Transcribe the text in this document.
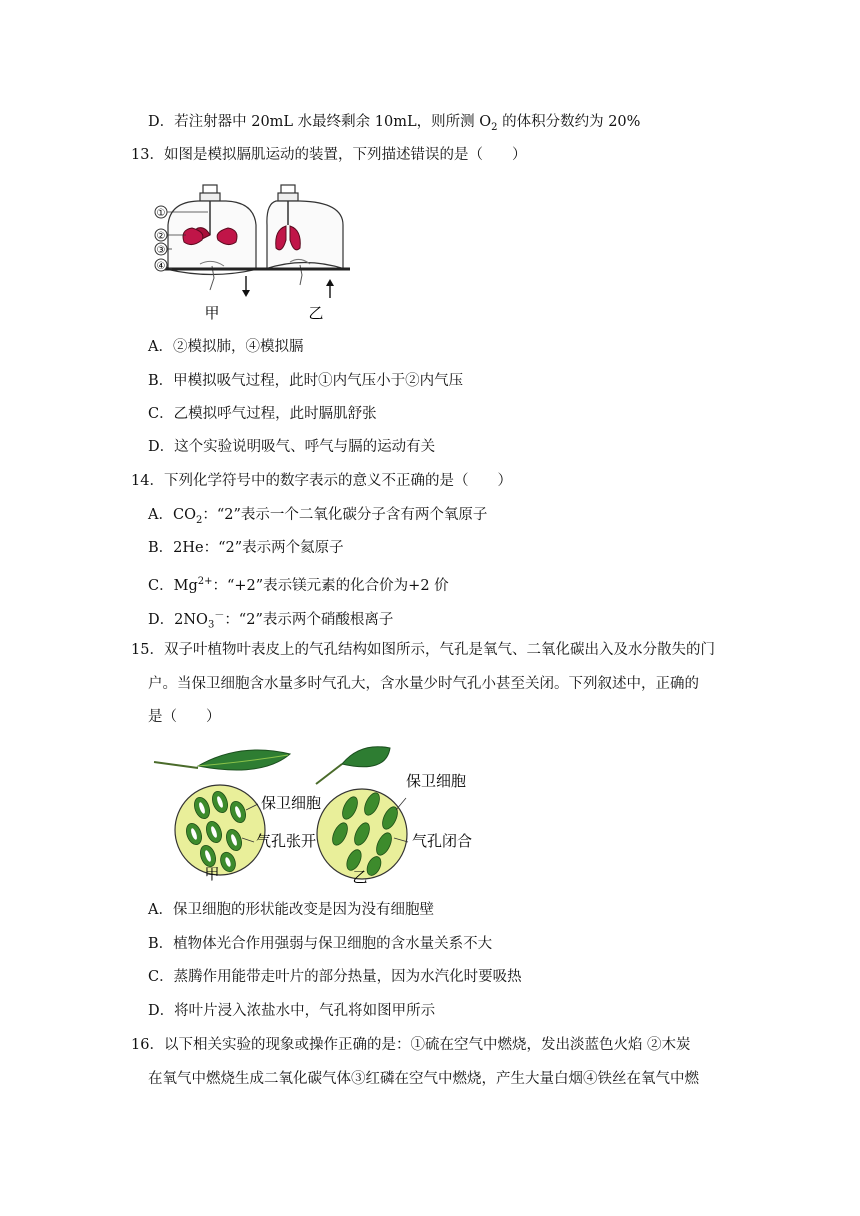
D．若注射器中 20mL 水最终剩余 10mL，则所测 $O_2$ 的体积分数约为 20%
13．如图是模拟膈肌运动的装置，下列描述错误的是（　　）
①
②
③
④
甲	乙
A．②模拟肺，④模拟膈
B．甲模拟吸气过程，此时①内气压小于②内气压
C．乙模拟呼气过程，此时膈肌舒张
D．这个实验说明吸气、呼气与膈的运动有关
14．下列化学符号中的数字表示的意义不正确的是（　　）
A．$CO_2$：“2”表示一个二氧化碳分子含有两个氧原子
B．2He：“2”表示两个氦原子
C．$Mg^{2+}$：“+2”表示镁元素的化合价为+2 价
D．$2NO_3^-$：“2”表示两个硝酸根离子
15．双子叶植物叶表皮上的气孔结构如图所示，气孔是氧气、二氧化碳出入及水分散失的门
户。当保卫细胞含水量多时气孔大，含水量少时气孔小甚至关闭。下列叙述中，正确的
是（　　）
保卫细胞
气孔张开
保卫细胞
气孔闭合
甲	乙
A．保卫细胞的形状能改变是因为没有细胞壁
B．植物体光合作用强弱与保卫细胞的含水量关系不大
C．蒸腾作用能带走叶片的部分热量，因为水汽化时要吸热
D．将叶片浸入浓盐水中，气孔将如图甲所示
16．以下相关实验的现象或操作正确的是：①硫在空气中燃烧，发出淡蓝色火焰 ②木炭
在氧气中燃烧生成二氧化碳气体③红磷在空气中燃烧，产生大量白烟④铁丝在氧气中燃
